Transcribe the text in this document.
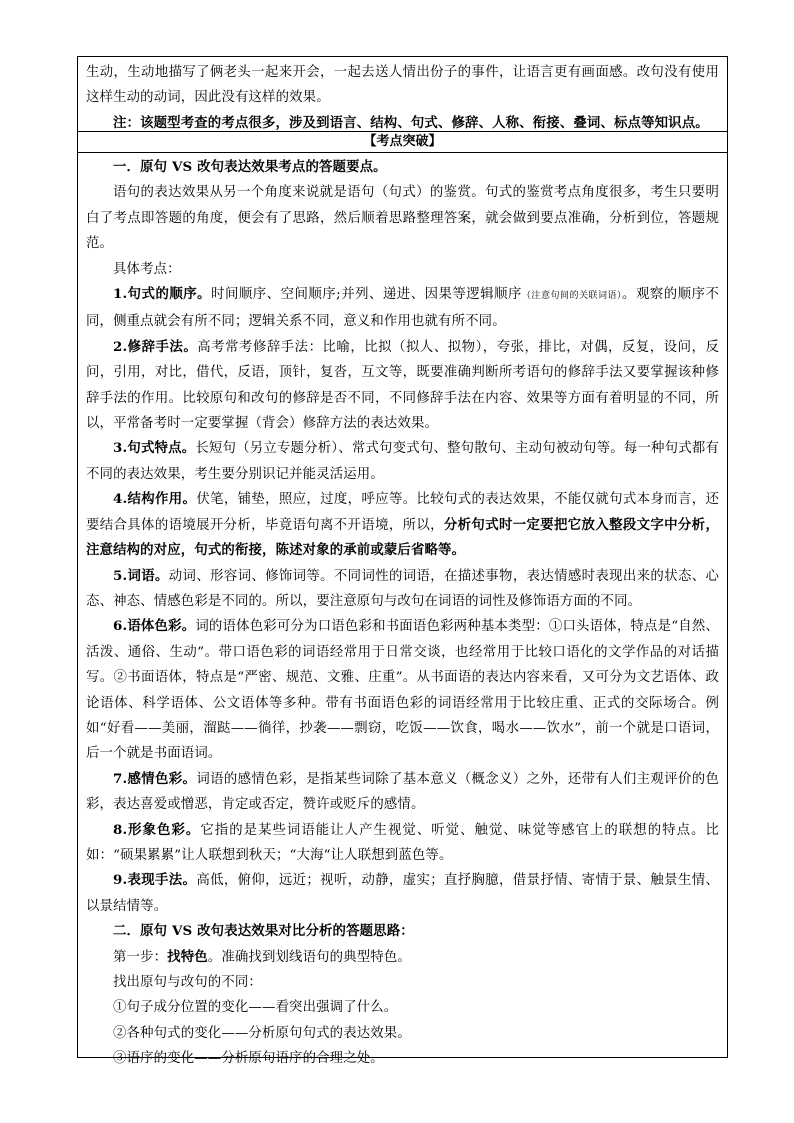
生动，生动地描写了俩老头一起来开会，一起去送人情出份子的事件，让语言更有画面感。改句没有使用这样生动的动词，因此没有这样的效果。

注：该题型考查的考点很多，涉及到语言、结构、句式、修辞、人称、衔接、叠词、标点等知识点。

【考点突破】

一．原句 VS 改句表达效果考点的答题要点。

语句的表达效果从另一个角度来说就是语句（句式）的鉴赏。句式的鉴赏考点角度很多，考生只要明白了考点即答题的角度，便会有了思路，然后顺着思路整理答案，就会做到要点准确，分析到位，答题规范。

具体考点：

1.句式的顺序。时间顺序、空间顺序;并列、递进、因果等逻辑顺序（注意句间的关联词语）。观察的顺序不同，侧重点就会有所不同；逻辑关系不同，意义和作用也就有所不同。

2.修辞手法。高考常考修辞手法：比喻，比拟（拟人、拟物），夸张，排比，对偶，反复，设问，反问，引用，对比，借代，反语，顶针，复沓，互文等，既要准确判断所考语句的修辞手法又要掌握该种修辞手法的作用。比较原句和改句的修辞是否不同，不同修辞手法在内容、效果等方面有着明显的不同，所以，平常备考时一定要掌握（背会）修辞方法的表达效果。

3.句式特点。长短句（另立专题分析）、常式句变式句、整句散句、主动句被动句等。每一种句式都有不同的表达效果，考生要分别识记并能灵活运用。

4.结构作用。伏笔，铺垫，照应，过度，呼应等。比较句式的表达效果，不能仅就句式本身而言，还要结合具体的语境展开分析，毕竟语句离不开语境，所以，分析句式时一定要把它放入整段文字中分析，注意结构的对应，句式的衔接，陈述对象的承前或蒙后省略等。

5.词语。动词、形容词、修饰词等。不同词性的词语，在描述事物，表达情感时表现出来的状态、心态、神态、情感色彩是不同的。所以，要注意原句与改句在词语的词性及修饰语方面的不同。

6.语体色彩。词的语体色彩可分为口语色彩和书面语色彩两种基本类型：①口头语体，特点是“自然、活泼、通俗、生动”。带口语色彩的词语经常用于日常交谈，也经常用于比较口语化的文学作品的对话描写。②书面语体，特点是“严密、规范、文雅、庄重”。从书面语的表达内容来看，又可分为文艺语体、政论语体、科学语体、公文语体等多种。带有书面语色彩的词语经常用于比较庄重、正式的交际场合。例如“好看——美丽，溜跶——徜徉，抄袭——剽窃，吃饭——饮食，喝水——饮水”，前一个就是口语词，后一个就是书面语词。

7.感情色彩。词语的感情色彩，是指某些词除了基本意义（概念义）之外，还带有人们主观评价的色彩，表达喜爱或憎恶，肯定或否定，赞许或贬斥的感情。

8.形象色彩。它指的是某些词语能让人产生视觉、听觉、触觉、味觉等感官上的联想的特点。比如：“硕果累累”让人联想到秋天；“大海“让人联想到蓝色等。

9.表现手法。高低，俯仰，远近；视听，动静，虚实；直抒胸臆，借景抒情、寄情于景、触景生情、以景结情等。

二．原句 VS 改句表达效果对比分析的答题思路：

第一步：找特色。准确找到划线语句的典型特色。

找出原句与改句的不同：

①句子成分位置的变化——看突出强调了什么。

②各种句式的变化——分析原句句式的表达效果。

③语序的变化——分析原句语序的合理之处。
